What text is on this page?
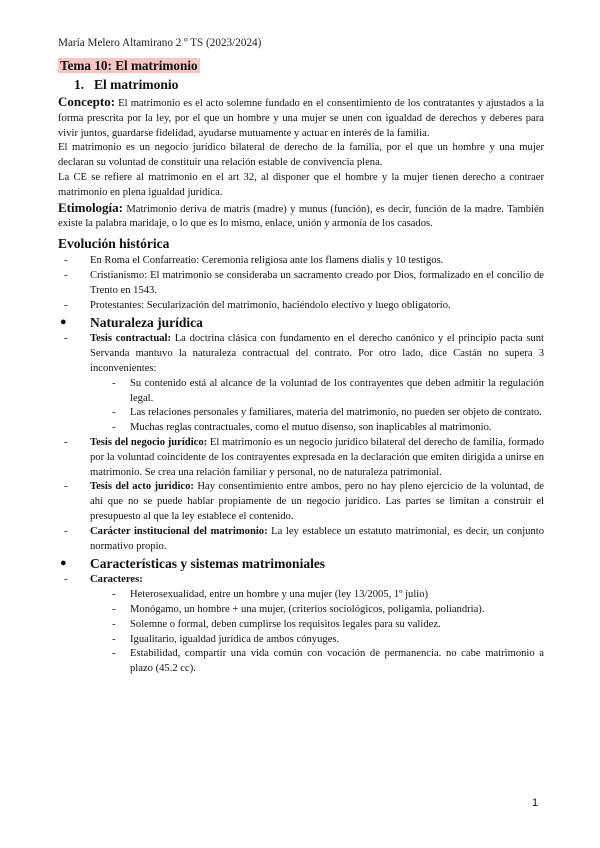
María Melero Altamirano 2 º TS (2023/2024)
Tema 10: El matrimonio
1. El matrimonio

Concepto: El matrimonio es el acto solemne fundado en el consentimiento de los contratantes y ajustados a la forma prescrita por la ley, por el que un hombre y una mujer se unen con igualdad de derechos y deberes para vivir juntos, guardarse fidelidad, ayudarse mutuamente y actuar en interés de la familia.

El matrimonio es un negocio jurídico bilateral de derecho de la familia, por el que un hombre y una mujer declaran su voluntad de constituir una relación estable de convivencia plena.

La CE se refiere al matrimonio en el art 32, al disponer que el hombre y la mujer tienen derecho a contraer matrimonio en plena igualdad jurídica.

Etimología: Matrimonio deriva de matris (madre) y munus (función), es decir, función de la madre. También existe la palabra maridaje, o lo que es lo mismo, enlace, unión y armonía de los casados.

Evolución histórica
- En Roma el Confarreatio: Ceremonia religiosa ante los flamens dialis y 10 testigos.
- Cristianismo: El matrimonio se consideraba un sacramento creado por Dios, formalizado en el concilio de Trento en 1543.
- Protestantes: Secularización del matrimonio, haciéndolo electivo y luego obligatorio.
● Naturaleza jurídica
- Tesis contractual: La doctrina clásica con fundamento en el derecho canónico y el principio pacta sunt Servanda mantuvo la naturaleza contractual del contrato. Por otro lado, dice Castán no supera 3 inconvenientes:
- Su contenido está al alcance de la voluntad de los contrayentes que deben admitir la regulación legal.
- Las relaciones personales y familiares, materia del matrimonio, no pueden ser objeto de contrato.
- Muchas reglas contractuales, como el mutuo disenso, son inaplicables al matrimonio.
- Tesis del negocio jurídico: El matrimonio es un negocio jurídico bilateral del derecho de familia, formado por la voluntad coincidente de los contrayentes expresada en la declaración que emiten dirigida a unirse en matrimonio. Se crea una relación familiar y personal, no de naturaleza patrimonial.
- Tesis del acto jurídico: Hay consentimiento entre ambos, pero no hay pleno ejercicio de la voluntad, de ahí que no se puede hablar propiamente de un negocio jurídico. Las partes se limitan a construir el presupuesto al que la ley establece el contenido.
- Carácter institucional del matrimonio: La ley establece un estatuto matrimonial, es decir, un conjunto normativo propio.
● Características y sistemas matrimoniales
- Caracteres:
- Heterosexualidad, entre un hombre y una mujer (ley 13/2005, 1º julio)
- Monógamo, un hombre + una mujer, (criterios sociológicos, poligamia, poliandria).
- Solemne o formal, deben cumplirse los requisitos legales para su validez.
- Igualitario, igualdad jurídica de ambos cónyuges.
- Estabilidad, compartir una vida común con vocación de permanencia. no cabe matrimonio a plazo (45.2 cc).
1
